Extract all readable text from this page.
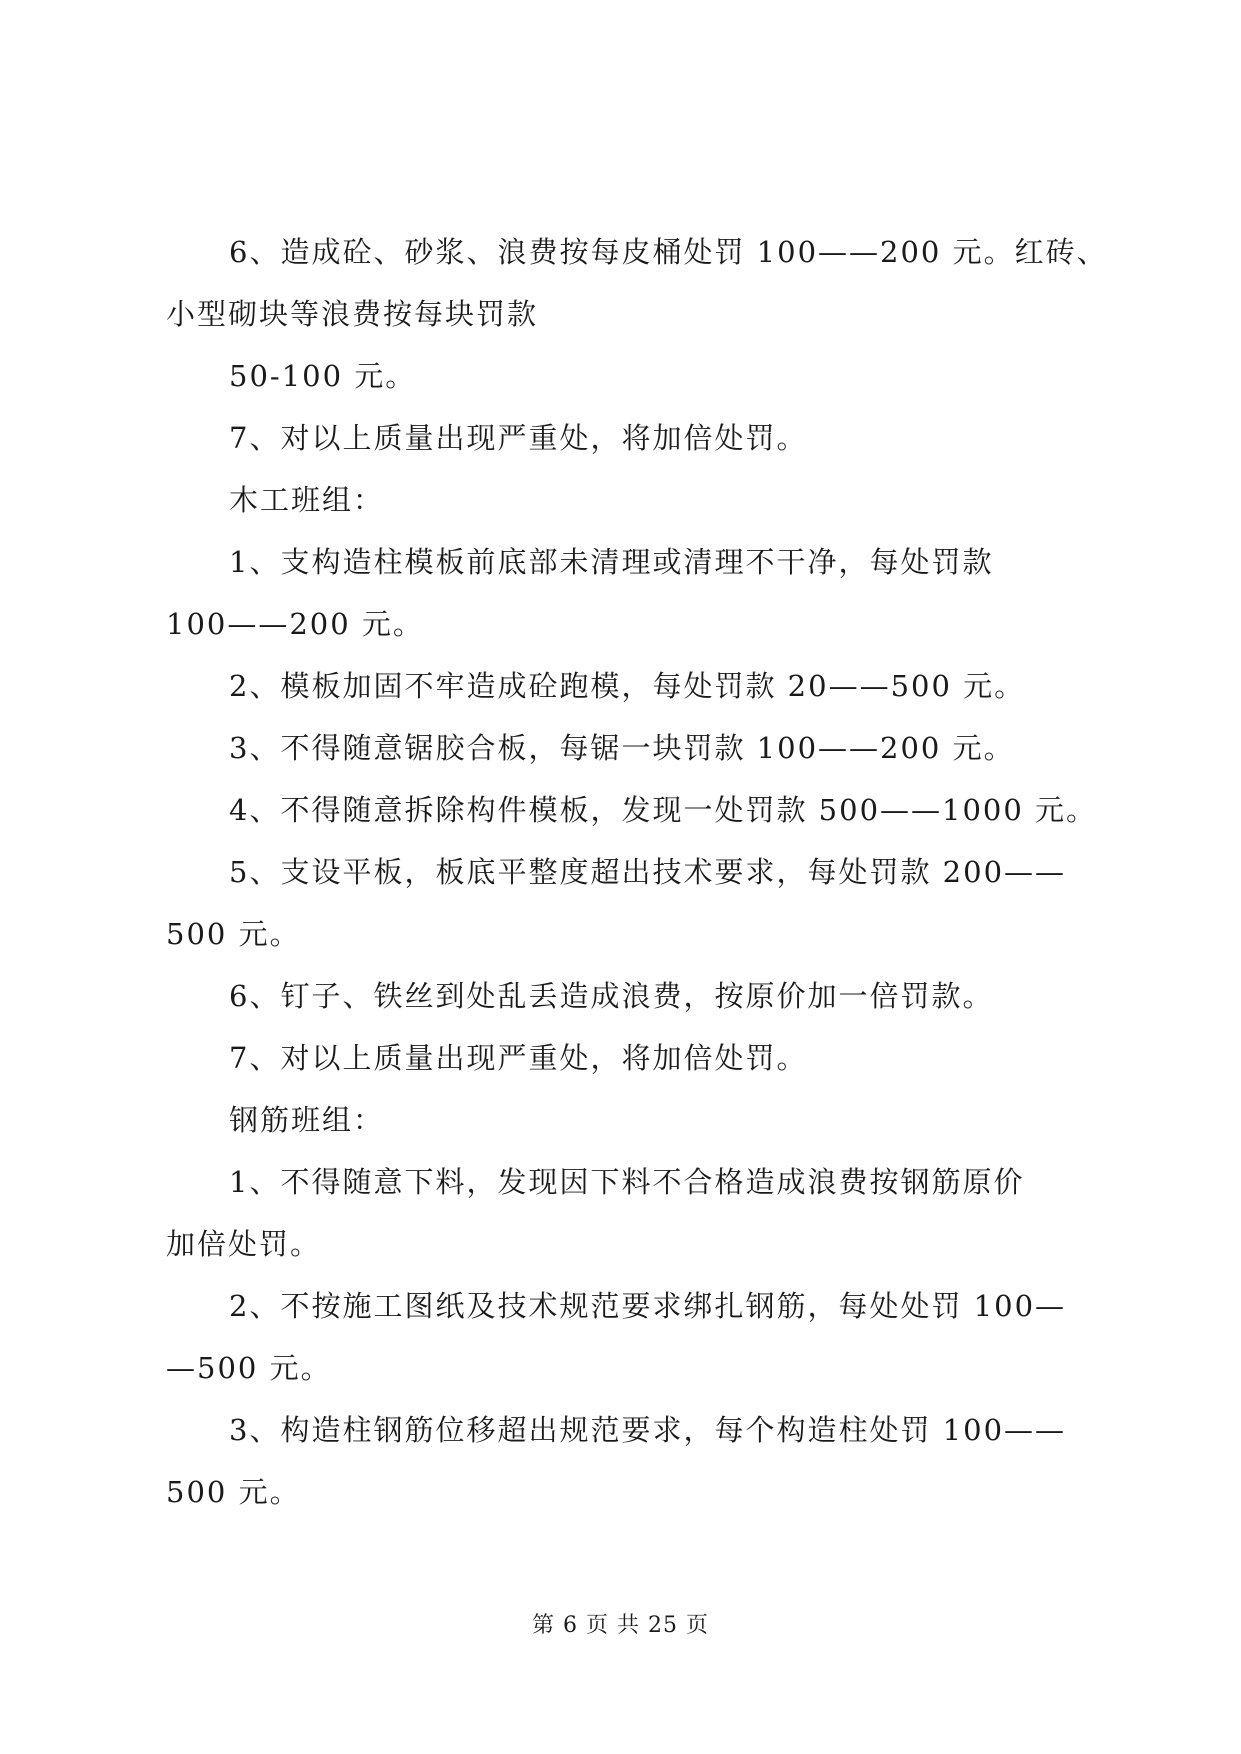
6、造成砼、砂浆、浪费按每皮桶处罚 100——200 元。红砖、
小型砌块等浪费按每块罚款
50-100 元。
7、对以上质量出现严重处，将加倍处罚。
木工班组：
1、支构造柱模板前底部未清理或清理不干净，每处罚款
100——200 元。
2、模板加固不牢造成砼跑模，每处罚款 20——500 元。
3、不得随意锯胶合板，每锯一块罚款 100——200 元。
4、不得随意拆除构件模板，发现一处罚款 500——1000 元。
5、支设平板，板底平整度超出技术要求，每处罚款 200——
500 元。
6、钉子、铁丝到处乱丢造成浪费，按原价加一倍罚款。
7、对以上质量出现严重处，将加倍处罚。
钢筋班组：
1、不得随意下料，发现因下料不合格造成浪费按钢筋原价
加倍处罚。
2、不按施工图纸及技术规范要求绑扎钢筋，每处处罚 100—
—500 元。
3、构造柱钢筋位移超出规范要求，每个构造柱处罚 100——
500 元。
第 6 页 共 25 页
